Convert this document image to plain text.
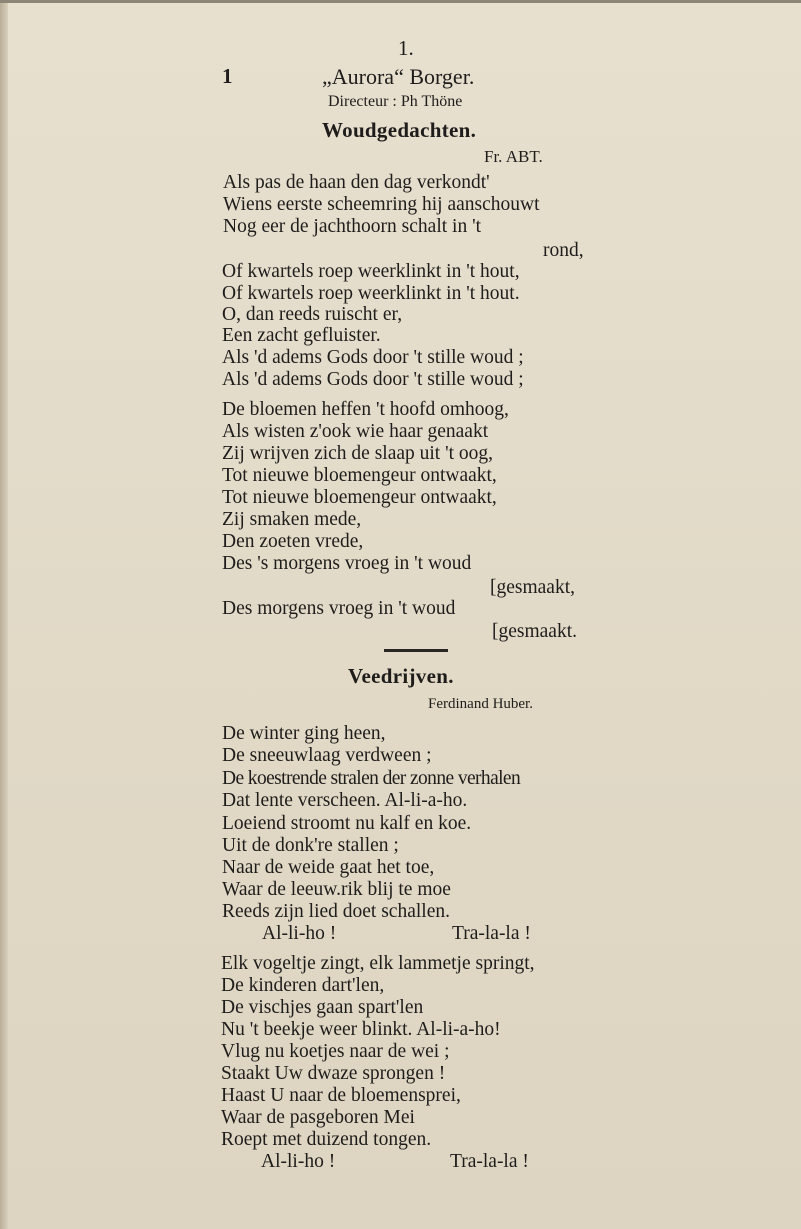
1.
1	„Aurora“ Borger.
Directeur : Ph Thöne
Woudgedachten.
Fr. ABT.
Als pas de haan den dag verkondt'
Wiens eerste scheemring hij aanschouwt
Nog eer de jachthoorn schalt in 't
rond,
Of kwartels roep weerklinkt in 't hout,
Of kwartels roep weerklinkt in 't hout.
O, dan reeds ruischt er,
Een zacht gefluister.
Als 'd adems Gods door 't stille woud ;
Als 'd adems Gods door 't stille woud ;
De bloemen heffen 't hoofd omhoog,
Als wisten z'ook wie haar genaakt
Zij wrijven zich de slaap uit 't oog,
Tot nieuwe bloemengeur ontwaakt,
Tot nieuwe bloemengeur ontwaakt,
Zij smaken mede,
Den zoeten vrede,
Des 's morgens vroeg in 't woud
[gesmaakt,
Des morgens vroeg in 't woud
[gesmaakt.
Veedrijven.
Ferdinand Huber.
De winter ging heen,
De sneeuwlaag verdween ;
De koestrende stralen der zonne verhalen
Dat lente verscheen. Al-li-a-ho.
Loeiend stroomt nu kalf en koe.
Uit de donk're stallen ;
Naar de weide gaat het toe,
Waar de leeuw.rik blij te moe
Reeds zijn lied doet schallen.
Al-li-ho !	Tra-la-la !
Elk vogeltje zingt, elk lammetje springt,
De kinderen dart'len,
De vischjes gaan spart'len
Nu 't beekje weer blinkt. Al-li-a-ho!
Vlug nu koetjes naar de wei ;
Staakt Uw dwaze sprongen !
Haast U naar de bloemensprei,
Waar de pasgeboren Mei
Roept met duizend tongen.
Al-li-ho !	Tra-la-la !
